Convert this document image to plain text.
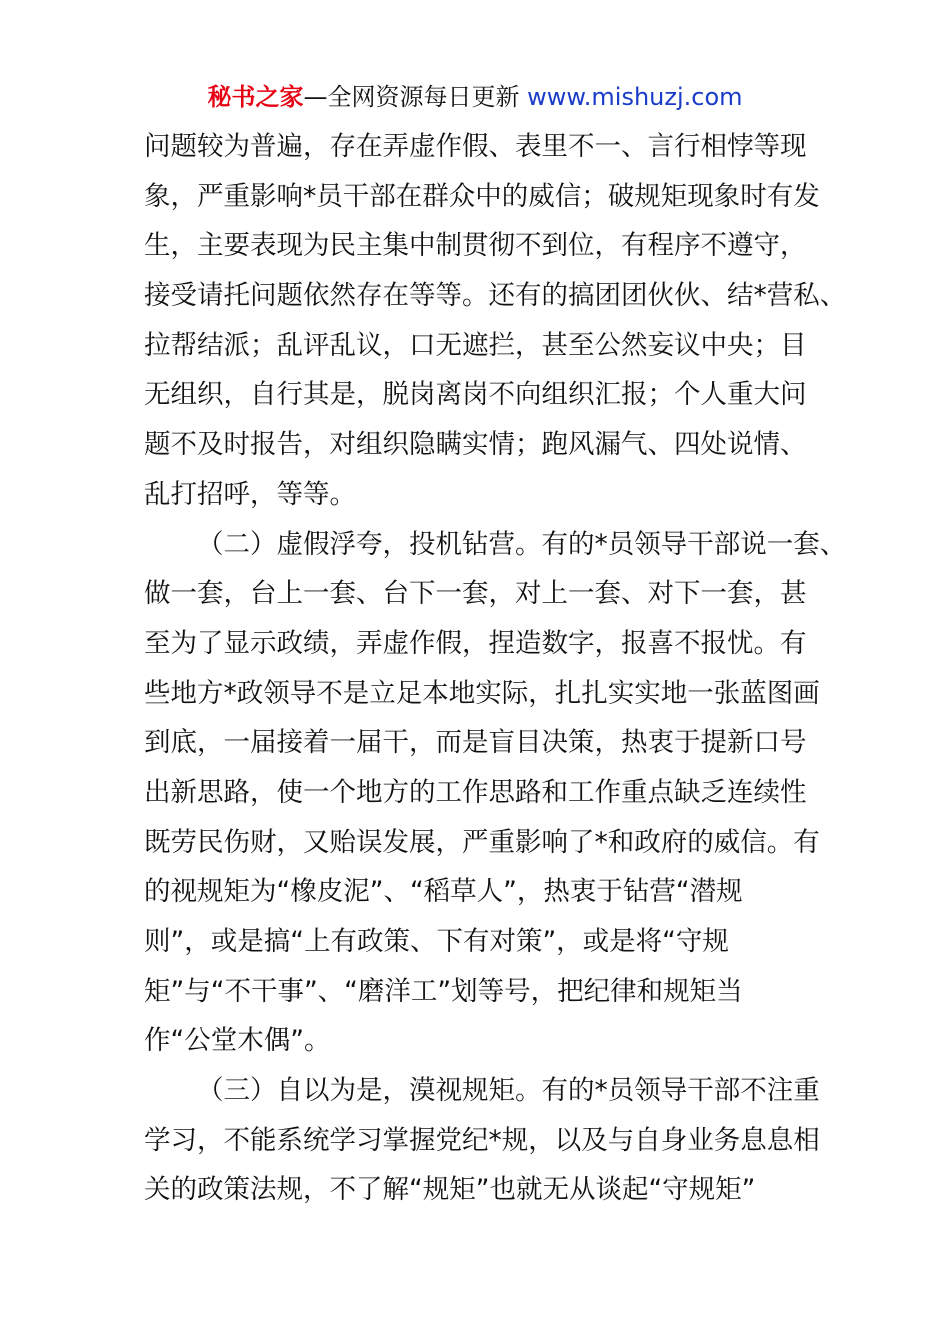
秘书之家—全网资源每日更新 www.mishuzj.com
问题较为普遍，存在弄虚作假、表里不一、言行相悖等现
象，严重影响*员干部在群众中的威信；破规矩现象时有发
生，主要表现为民主集中制贯彻不到位，有程序不遵守，
接受请托问题依然存在等等。还有的搞团团伙伙、结*营私、
拉帮结派；乱评乱议，口无遮拦，甚至公然妄议中央；目
无组织，自行其是，脱岗离岗不向组织汇报；个人重大问
题不及时报告，对组织隐瞒实情；跑风漏气、四处说情、
乱打招呼，等等。
（二）虚假浮夸，投机钻营。有的*员领导干部说一套、
做一套，台上一套、台下一套，对上一套、对下一套，甚
至为了显示政绩，弄虚作假，捏造数字，报喜不报忧。有
些地方*政领导不是立足本地实际，扎扎实实地一张蓝图画
到底，一届接着一届干，而是盲目决策，热衷于提新口号
出新思路，使一个地方的工作思路和工作重点缺乏连续性
既劳民伤财，又贻误发展，严重影响了*和政府的威信。有
的视规矩为“橡皮泥”、“稻草人”，热衷于钻营“潜规
则”，或是搞“上有政策、下有对策”，或是将“守规
矩”与“不干事”、“磨洋工”划等号，把纪律和规矩当
作“公堂木偶”。
（三）自以为是，漠视规矩。有的*员领导干部不注重
学习，不能系统学习掌握党纪*规，以及与自身业务息息相
关的政策法规，不了解“规矩”也就无从谈起“守规矩”
